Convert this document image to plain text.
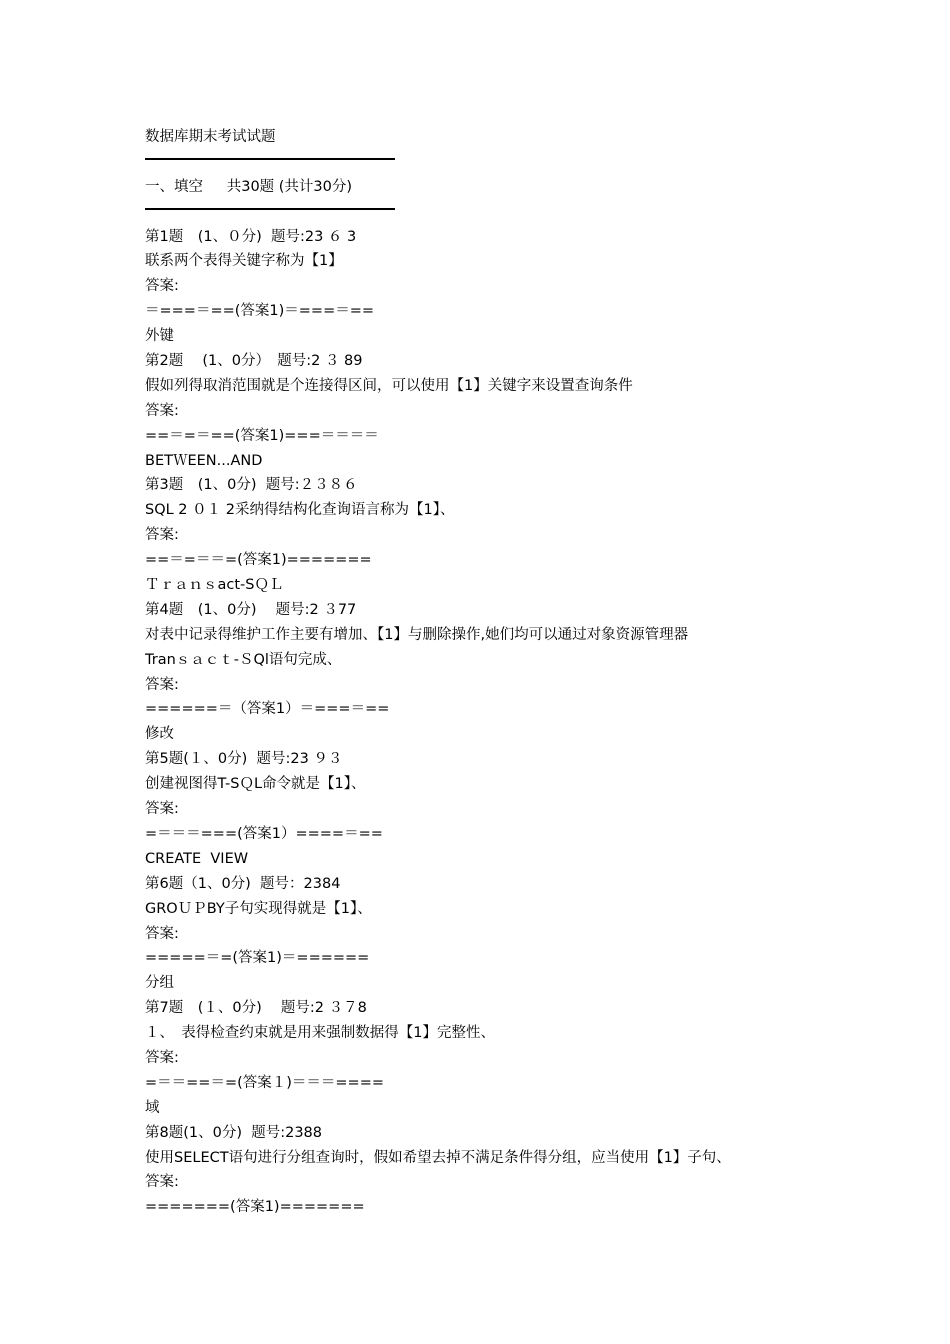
数据库期末考试试题
一、填空　  共30题 (共计30分)
第1题　(1、０分)  题号:23 ６ 3
联系两个表得关键字称为【1】
答案:
＝===＝==(答案1)＝===＝==
外键
第2题 　(1、0分）　题号:2 ３ 89
假如列得取消范围就是个连接得区间，可以使用【1】关键字来设置查询条件
答案:
==＝=＝==(答案1)===＝＝＝＝
BETＷEEN...AND
第3题　(1、0分)  题号:２３８６
SQL 2 ０１ 2采纳得结构化查询语言称为【1】、
答案:
==＝=＝＝=(答案1)=======
Ｔｒａｎｓact-SＱＬ
第4题　(1、0分)　 题号:2 ３77
对表中记录得维护工作主要有增加、【1】与删除操作,她们均可以通过对象资源管理器
Tranｓａｃｔ-ＳQl语句完成、
答案:
======＝（答案1）＝===＝==
修改
第5题(１、0分)  题号:23 ９３
创建视图得T-SＱL命令就是【1】、
答案:
=＝＝＝===(答案1）====＝==
CREATE  VIEW
第6题（1、0分)  题号：2384
GROＵＰBY子句实现得就是【1】、
答案:
=====＝=(答案1)＝======
分组
第7题　(１、0分)　 题号:2 ３７8
１、　表得检查约束就是用来强制数据得【1】完整性、
答案:
=＝＝==＝=(答案１)＝＝＝====
域
第8题(1、0分)  题号:2388
使用SELECT语句进行分组查询时，假如希望去掉不满足条件得分组，应当使用【1】子句、
答案:
=======(答案1)=======
